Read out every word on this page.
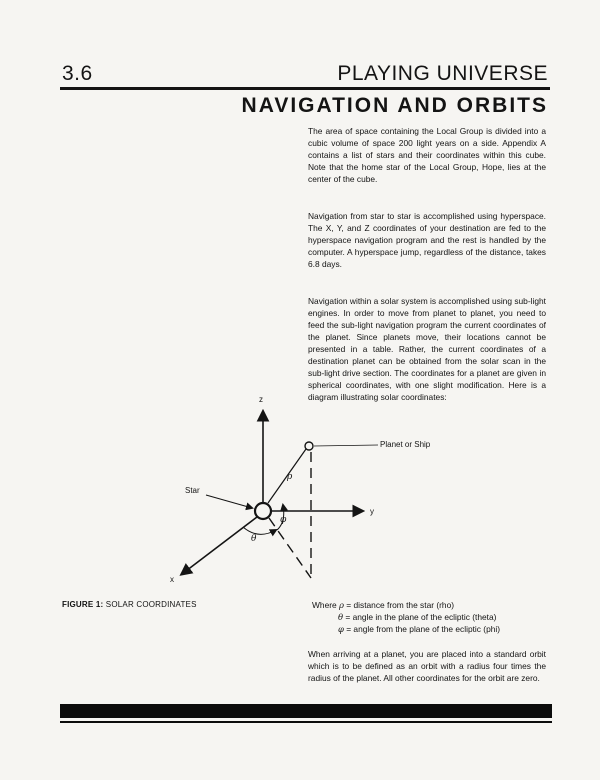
3.6	PLAYING UNIVERSE
NAVIGATION AND ORBITS
The area of space containing the Local Group is divided into a cubic volume of space 200 light years on a side. Appendix A contains a list of stars and their coordinates within this cube. Note that the home star of the Local Group, Hope, lies at the center of the cube.
Navigation from star to star is accomplished using hyperspace. The X, Y, and Z coordinates of your destination are fed to the hyperspace navigation program and the rest is handled by the computer. A hyperspace jump, regardless of the distance, takes 6.8 days.
Navigation within a solar system is accomplished using sub-light engines. In order to move from planet to planet, you need to feed the sub-light navigation program the current coordinates of the planet. Since planets move, their locations cannot be presented in a table. Rather, the current coordinates of a destination planet can be obtained from the solar scan in the sub-light drive section. The coordinates for a planet are given in spherical coordinates, with one slight modification. Here is a diagram illustrating solar coordinates:
z
y
x
Star
Planet or Ship
ρ
φ
θ
FIGURE 1: SOLAR COORDINATES	Where ρ = distance from the star (rho)
θ = angle in the plane of the ecliptic (theta)
φ = angle from the plane of the ecliptic (phi)
When arriving at a planet, you are placed into a standard orbit which is to be defined as an orbit with a radius four times the radius of the planet. All other coordinates for the orbit are zero.
